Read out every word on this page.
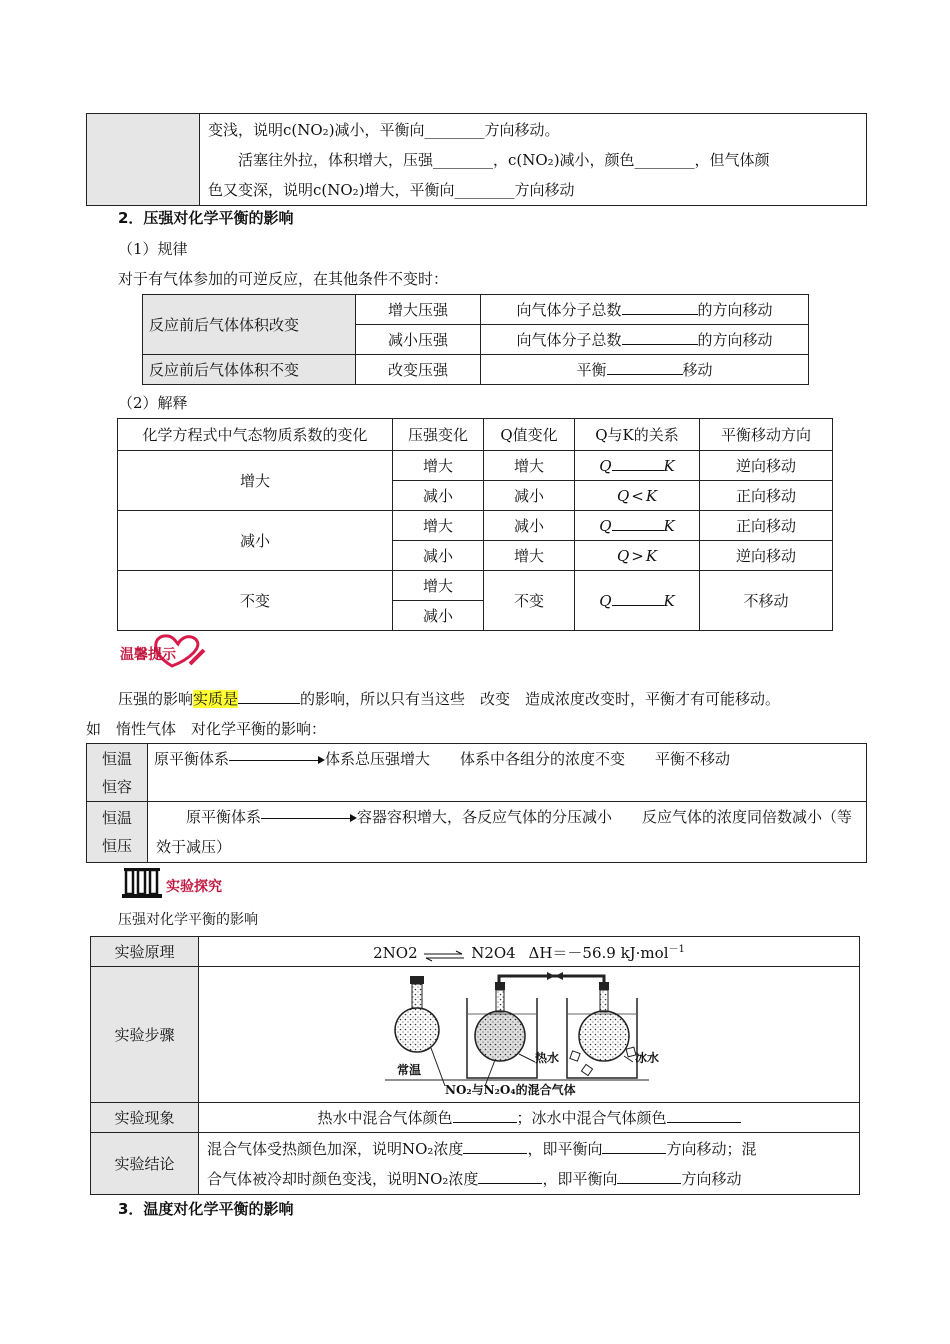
变浅，说明c(NO₂)减小，平衡向________方向移动。
活塞往外拉，体积增大，压强________，c(NO₂)减小，颜色________，但气体颜
色又变深，说明c(NO₂)增大，平衡向________方向移动
2．压强对化学平衡的影响
（1）规律
对于有气体参加的可逆反应，在其他条件不变时：
反应前后气体体积改变	增大压强	向气体分子总数 的方向移动
	减小压强	向气体分子总数 的方向移动
反应前后气体体积不变	改变压强	平衡 移动
（2）解释
化学方程式中气态物质系数的变化	压强变化	Q值变化	Q与K的关系	平衡移动方向
增大	增大	增大	Q K	逆向移动
	减小	减小	Q < K	正向移动
减小	增大	减小	Q K	正向移动
	减小	增大	Q > K	逆向移动
不变	增大	不变	Q K	不移动
	减小			
温馨提示
压强的影响实质是	的影响，所以只有当这些　改变　造成浓度改变时，平衡才有可能移动。
如　惰性气体　对化学平衡的影响：
恒温恒容	原平衡体系 体系总压强增大　　体系中各组分的浓度不变　　平衡不移动
恒温恒压	原平衡体系 容器容积增大，各反应气体的分压减小　　反应气体的浓度同倍数减小（等效于减压）
实验探究
压强对化学平衡的影响
实验原理	2NO2 ⇌ N2O4 ΔH＝－56.9 kJ·mol$^{-1}$
实验步骤	常温
热水 冰水
NO₂与N₂O₄的混合气体

实验现象	热水中混合气体颜色 ；冰水中混合气体颜色
实验结论	混合气体受热颜色加深，说明NO₂浓度 ，即平衡向 方向移动；混
合气体被冷却时颜色变浅，说明NO₂浓度 ，即平衡向 方向移动
3．温度对化学平衡的影响
